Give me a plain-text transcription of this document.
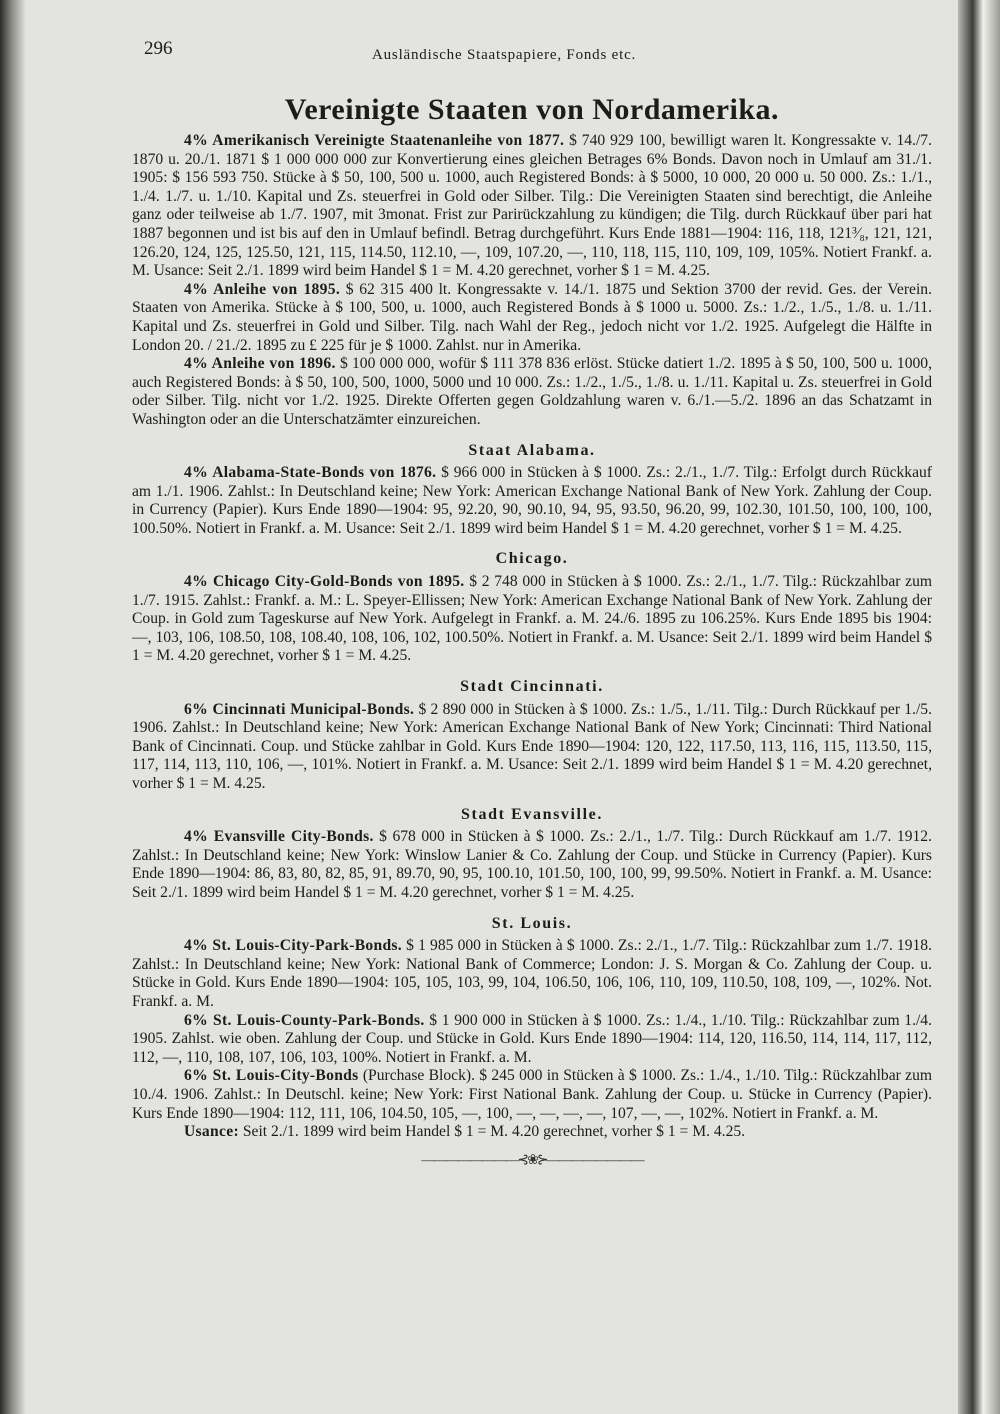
296	Ausländische Staatspapiere, Fonds etc.
Vereinigte Staaten von Nordamerika.

4% Amerikanisch Vereinigte Staatenanleihe von 1877. $ 740 929 100, bewilligt waren lt. Kongressakte v. 14./7. 1870 u. 20./1. 1871 $ 1 000 000 000 zur Konvertierung eines gleichen Betrages 6% Bonds. Davon noch in Umlauf am 31./1. 1905: $ 156 593 750. Stücke à $ 50, 100, 500 u. 1000, auch Registered Bonds: à $ 5000, 10 000, 20 000 u. 50 000. Zs.: 1./1., 1./4. 1./7. u. 1./10. Kapital und Zs. steuerfrei in Gold oder Silber. Tilg.: Die Vereinigten Staaten sind berechtigt, die Anleihe ganz oder teilweise ab 1./7. 1907, mit 3monat. Frist zur Parirückzahlung zu kündigen; die Tilg. durch Rückkauf über pari hat 1887 begonnen und ist bis auf den in Umlauf befindl. Betrag durchgeführt. Kurs Ende 1881—1904: 116, 118, 121³⁄₈, 121, 121, 126.20, 124, 125, 125.50, 121, 115, 114.50, 112.10, —, 109, 107.20, —, 110, 118, 115, 110, 109, 109, 105%. Notiert Frankf. a. M. Usance: Seit 2./1. 1899 wird beim Handel $ 1 = M. 4.20 gerechnet, vorher $ 1 = M. 4.25.

4% Anleihe von 1895. $ 62 315 400 lt. Kongressakte v. 14./1. 1875 und Sektion 3700 der revid. Ges. der Verein. Staaten von Amerika. Stücke à $ 100, 500, u. 1000, auch Registered Bonds à $ 1000 u. 5000. Zs.: 1./2., 1./5., 1./8. u. 1./11. Kapital und Zs. steuerfrei in Gold und Silber. Tilg. nach Wahl der Reg., jedoch nicht vor 1./2. 1925. Aufgelegt die Hälfte in London 20. / 21./2. 1895 zu £ 225 für je $ 1000. Zahlst. nur in Amerika.

4% Anleihe von 1896. $ 100 000 000, wofür $ 111 378 836 erlöst. Stücke datiert 1./2. 1895 à $ 50, 100, 500 u. 1000, auch Registered Bonds: à $ 50, 100, 500, 1000, 5000 und 10 000. Zs.: 1./2., 1./5., 1./8. u. 1./11. Kapital u. Zs. steuerfrei in Gold oder Silber. Tilg. nicht vor 1./2. 1925. Direkte Offerten gegen Goldzahlung waren v. 6./1.—5./2. 1896 an das Schatzamt in Washington oder an die Unterschatzämter einzureichen.

Staat Alabama.

4% Alabama-State-Bonds von 1876. $ 966 000 in Stücken à $ 1000. Zs.: 2./1., 1./7. Tilg.: Erfolgt durch Rückkauf am 1./1. 1906. Zahlst.: In Deutschland keine; New York: American Exchange National Bank of New York. Zahlung der Coup. in Currency (Papier). Kurs Ende 1890—1904: 95, 92.20, 90, 90.10, 94, 95, 93.50, 96.20, 99, 102.30, 101.50, 100, 100, 100, 100.50%. Notiert in Frankf. a. M. Usance: Seit 2./1. 1899 wird beim Handel $ 1 = M. 4.20 gerechnet, vorher $ 1 = M. 4.25.

Chicago.

4% Chicago City-Gold-Bonds von 1895. $ 2 748 000 in Stücken à $ 1000. Zs.: 2./1., 1./7. Tilg.: Rückzahlbar zum 1./7. 1915. Zahlst.: Frankf. a. M.: L. Speyer-Ellissen; New York: American Exchange National Bank of New York. Zahlung der Coup. in Gold zum Tageskurse auf New York. Aufgelegt in Frankf. a. M. 24./6. 1895 zu 106.25%. Kurs Ende 1895 bis 1904: —, 103, 106, 108.50, 108, 108.40, 108, 106, 102, 100.50%. Notiert in Frankf. a. M. Usance: Seit 2./1. 1899 wird beim Handel $ 1 = M. 4.20 gerechnet, vorher $ 1 = M. 4.25.

Stadt Cincinnati.

6% Cincinnati Municipal-Bonds. $ 2 890 000 in Stücken à $ 1000. Zs.: 1./5., 1./11. Tilg.: Durch Rückkauf per 1./5. 1906. Zahlst.: In Deutschland keine; New York: American Exchange National Bank of New York; Cincinnati: Third National Bank of Cincinnati. Coup. und Stücke zahlbar in Gold. Kurs Ende 1890—1904: 120, 122, 117.50, 113, 116, 115, 113.50, 115, 117, 114, 113, 110, 106, —, 101%. Notiert in Frankf. a. M. Usance: Seit 2./1. 1899 wird beim Handel $ 1 = M. 4.20 gerechnet, vorher $ 1 = M. 4.25.

Stadt Evansville.

4% Evansville City-Bonds. $ 678 000 in Stücken à $ 1000. Zs.: 2./1., 1./7. Tilg.: Durch Rückkauf am 1./7. 1912. Zahlst.: In Deutschland keine; New York: Winslow Lanier & Co. Zahlung der Coup. und Stücke in Currency (Papier). Kurs Ende 1890—1904: 86, 83, 80, 82, 85, 91, 89.70, 90, 95, 100.10, 101.50, 100, 100, 99, 99.50%. Notiert in Frankf. a. M. Usance: Seit 2./1. 1899 wird beim Handel $ 1 = M. 4.20 gerechnet, vorher $ 1 = M. 4.25.

St. Louis.

4% St. Louis-City-Park-Bonds. $ 1 985 000 in Stücken à $ 1000. Zs.: 2./1., 1./7. Tilg.: Rückzahlbar zum 1./7. 1918. Zahlst.: In Deutschland keine; New York: National Bank of Commerce; London: J. S. Morgan & Co. Zahlung der Coup. u. Stücke in Gold. Kurs Ende 1890—1904: 105, 105, 103, 99, 104, 106.50, 106, 106, 110, 109, 110.50, 108, 109, —, 102%. Not. Frankf. a. M.

6% St. Louis-County-Park-Bonds. $ 1 900 000 in Stücken à $ 1000. Zs.: 1./4., 1./10. Tilg.: Rückzahlbar zum 1./4. 1905. Zahlst. wie oben. Zahlung der Coup. und Stücke in Gold. Kurs Ende 1890—1904: 114, 120, 116.50, 114, 114, 117, 112, 112, —, 110, 108, 107, 106, 103, 100%. Notiert in Frankf. a. M.

6% St. Louis-City-Bonds (Purchase Block). $ 245 000 in Stücken à $ 1000. Zs.: 1./4., 1./10. Tilg.: Rückzahlbar zum 10./4. 1906. Zahlst.: In Deutschl. keine; New York: First National Bank. Zahlung der Coup. u. Stücke in Currency (Papier). Kurs Ende 1890—1904: 112, 111, 106, 104.50, 105, —, 100, —, —, —, —, 107, —, —, 102%. Notiert in Frankf. a. M.

Usance: Seit 2./1. 1899 wird beim Handel $ 1 = M. 4.20 gerechnet, vorher $ 1 = M. 4.25.

————————⊰❀⊱————————
